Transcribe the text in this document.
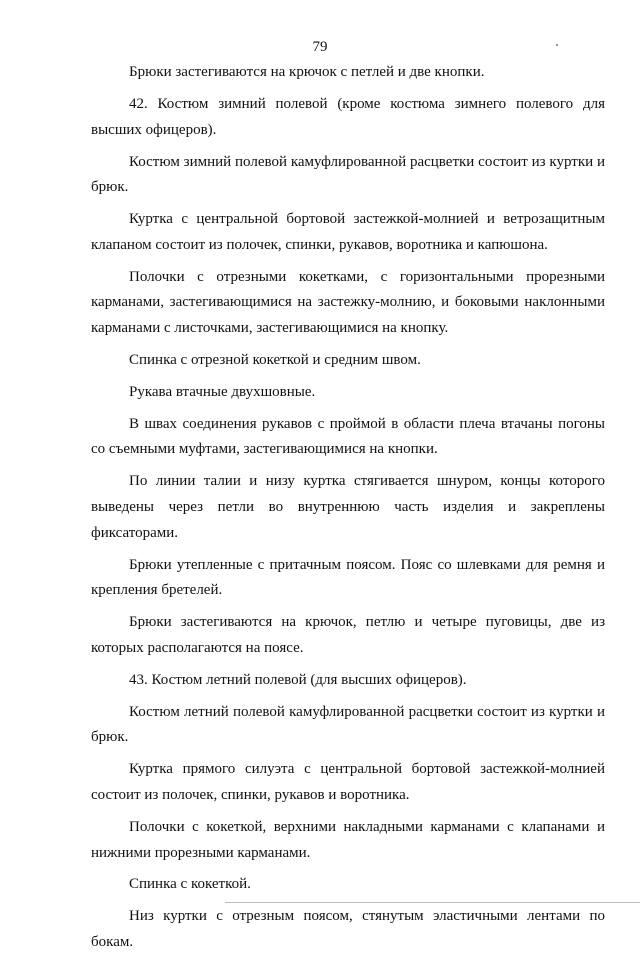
79

Брюки застегиваются на крючок с петлей и две кнопки.

42. Костюм зимний полевой (кроме костюма зимнего полевого для высших офицеров).

Костюм зимний полевой камуфлированной расцветки состоит из куртки и брюк.

Куртка с центральной бортовой застежкой-молнией и ветрозащитным клапаном состоит из полочек, спинки, рукавов, воротника и капюшона.

Полочки с отрезными кокетками, с горизонтальными прорезными карманами, застегивающимися на застежку-молнию, и боковыми наклонными карманами с листочками, застегивающимися на кнопку.

Спинка с отрезной кокеткой и средним швом.

Рукава втачные двухшовные.

В швах соединения рукавов с проймой в области плеча втачаны погоны со съемными муфтами, застегивающимися на кнопки.

По линии талии и низу куртка стягивается шнуром, концы которого выведены через петли во внутреннюю часть изделия и закреплены фиксаторами.

Брюки утепленные с притачным поясом. Пояс со шлевками для ремня и крепления бретелей.

Брюки застегиваются на крючок, петлю и четыре пуговицы, две из которых располагаются на поясе.

43. Костюм летний полевой (для высших офицеров).

Костюм летний полевой камуфлированной расцветки состоит из куртки и брюк.

Куртка прямого силуэта с центральной бортовой застежкой-молнией состоит из полочек, спинки, рукавов и воротника.

Полочки с кокеткой, верхними накладными карманами с клапанами и нижними прорезными карманами.

Спинка с кокеткой.

Низ куртки с отрезным поясом, стянутым эластичными лентами по бокам.
